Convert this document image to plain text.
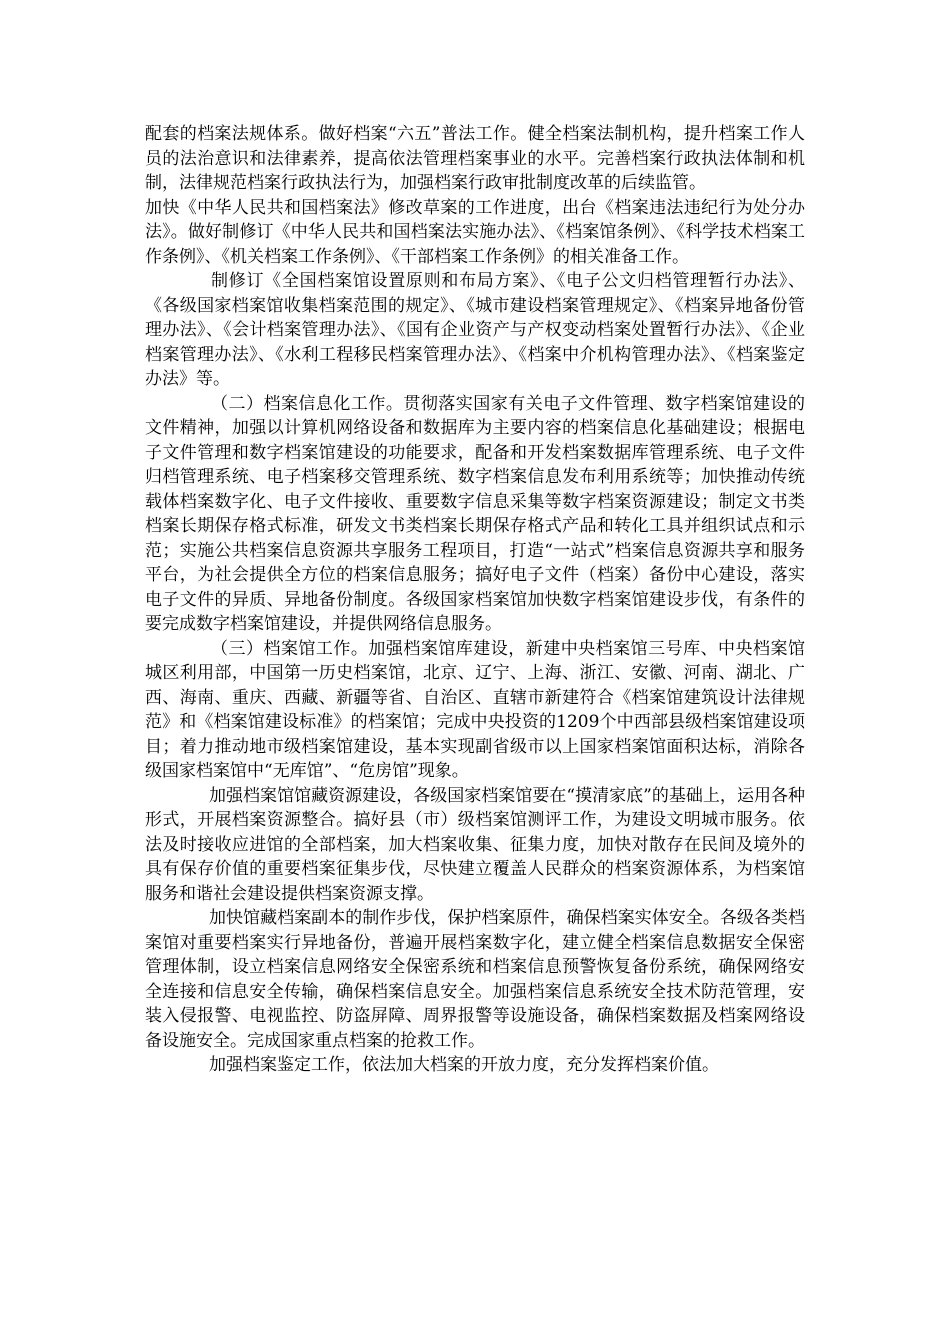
配套的档案法规体系。做好档案“六五”普法工作。健全档案法制机构，提升档案工作人员的法治意识和法律素养，提高依法管理档案事业的水平。完善档案行政执法体制和机制，法律规范档案行政执法行为，加强档案行政审批制度改革的后续监管。

加快《中华人民共和国档案法》修改草案的工作进度，出台《档案违法违纪行为处分办法》。做好制修订《中华人民共和国档案法实施办法》、《档案馆条例》、《科学技术档案工作条例》、《机关档案工作条例》、《干部档案工作条例》的相关准备工作。

制修订《全国档案馆设置原则和布局方案》、《电子公文归档管理暂行办法》、《各级国家档案馆收集档案范围的规定》、《城市建设档案管理规定》、《档案异地备份管理办法》、《会计档案管理办法》、《国有企业资产与产权变动档案处置暂行办法》、《企业档案管理办法》、《水利工程移民档案管理办法》、《档案中介机构管理办法》、《档案鉴定办法》等。

（二）档案信息化工作。贯彻落实国家有关电子文件管理、数字档案馆建设的文件精神，加强以计算机网络设备和数据库为主要内容的档案信息化基础建设；根据电子文件管理和数字档案馆建设的功能要求，配备和开发档案数据库管理系统、电子文件归档管理系统、电子档案移交管理系统、数字档案信息发布利用系统等；加快推动传统载体档案数字化、电子文件接收、重要数字信息采集等数字档案资源建设；制定文书类档案长期保存格式标准，研发文书类档案长期保存格式产品和转化工具并组织试点和示范；实施公共档案信息资源共享服务工程项目，打造“一站式”档案信息资源共享和服务平台，为社会提供全方位的档案信息服务；搞好电子文件（档案）备份中心建设，落实电子文件的异质、异地备份制度。各级国家档案馆加快数字档案馆建设步伐，有条件的要完成数字档案馆建设，并提供网络信息服务。

（三）档案馆工作。加强档案馆库建设，新建中央档案馆三号库、中央档案馆城区利用部，中国第一历史档案馆，北京、辽宁、上海、浙江、安徽、河南、湖北、广西、海南、重庆、西藏、新疆等省、自治区、直辖市新建符合《档案馆建筑设计法律规范》和《档案馆建设标准》的档案馆；完成中央投资的1209个中西部县级档案馆建设项目；着力推动地市级档案馆建设，基本实现副省级市以上国家档案馆面积达标，消除各级国家档案馆中“无库馆”、“危房馆”现象。

加强档案馆馆藏资源建设，各级国家档案馆要在“摸清家底”的基础上，运用各种形式，开展档案资源整合。搞好县（市）级档案馆测评工作，为建设文明城市服务。依法及时接收应进馆的全部档案，加大档案收集、征集力度，加快对散存在民间及境外的具有保存价值的重要档案征集步伐，尽快建立覆盖人民群众的档案资源体系，为档案馆服务和谐社会建设提供档案资源支撑。

加快馆藏档案副本的制作步伐，保护档案原件，确保档案实体安全。各级各类档案馆对重要档案实行异地备份，普遍开展档案数字化，建立健全档案信息数据安全保密管理体制，设立档案信息网络安全保密系统和档案信息预警恢复备份系统，确保网络安全连接和信息安全传输，确保档案信息安全。加强档案信息系统安全技术防范管理，安装入侵报警、电视监控、防盗屏障、周界报警等设施设备，确保档案数据及档案网络设备设施安全。完成国家重点档案的抢救工作。

加强档案鉴定工作，依法加大档案的开放力度，充分发挥档案价值。
